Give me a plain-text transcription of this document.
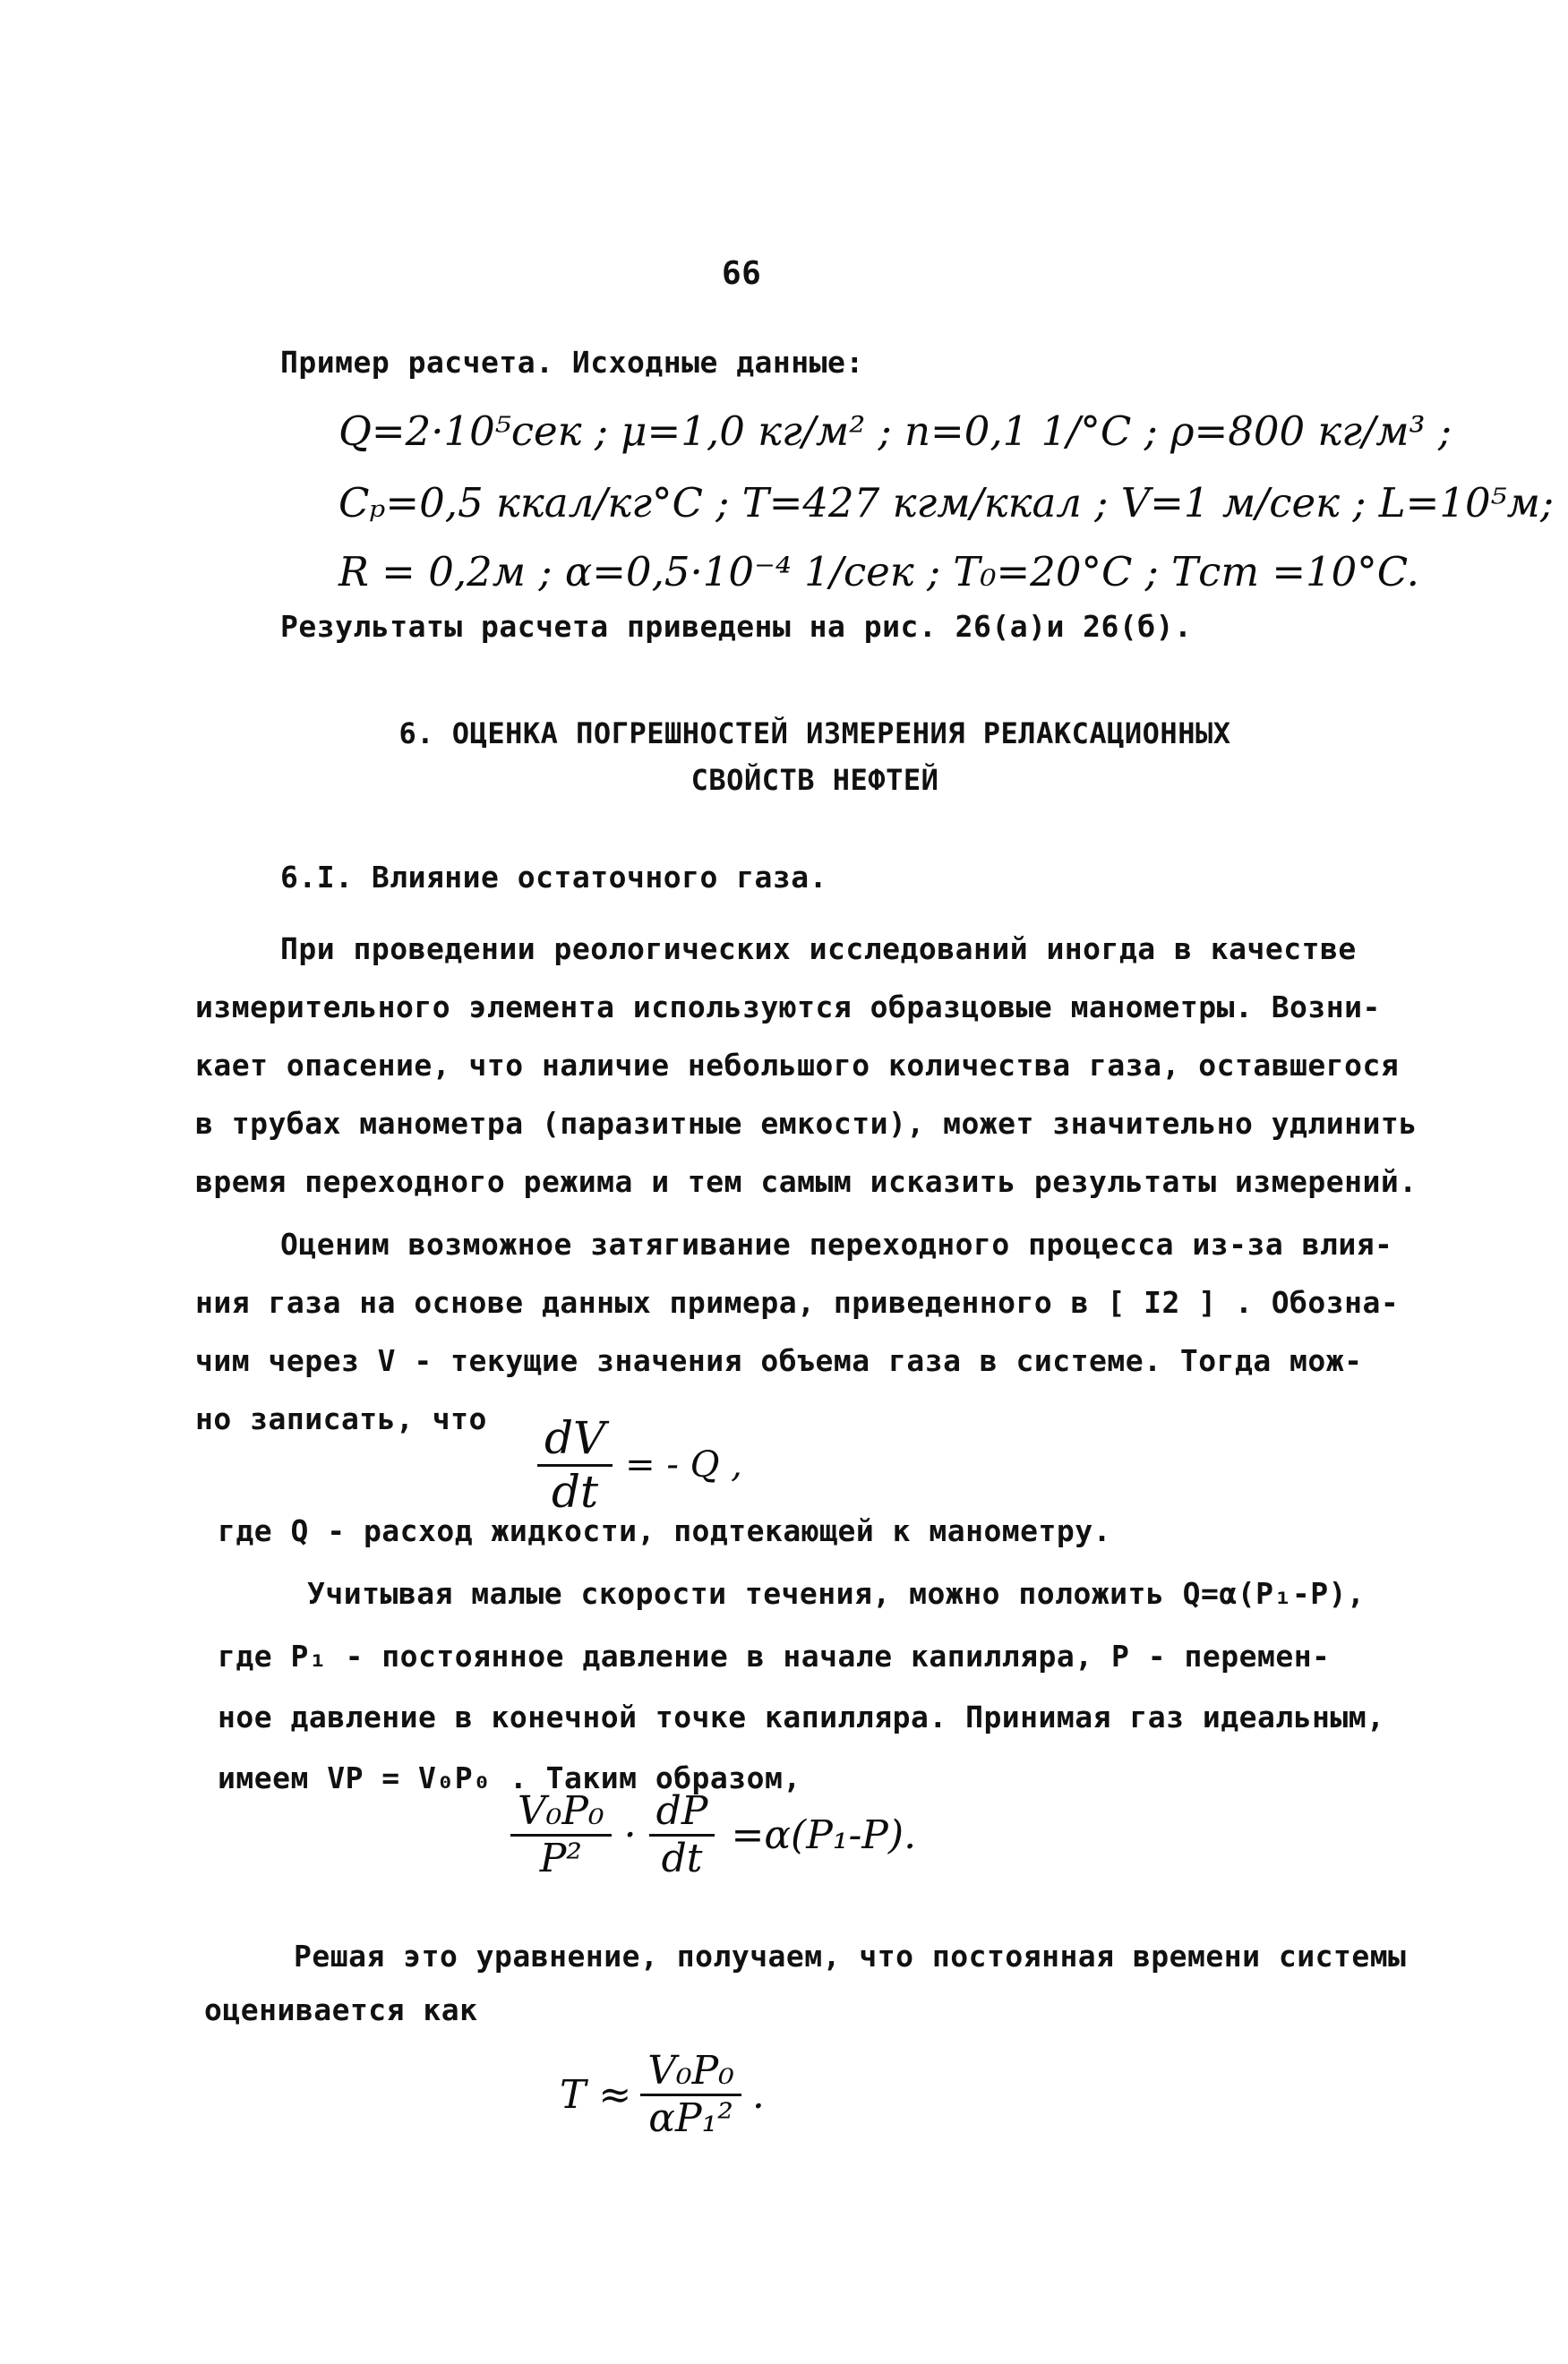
66
Пример расчета. Исходные данные:
Q=2·10⁵сек ; μ=1,0 кг/м² ; n=0,1 1/°C ; ρ=800 кг/м³ ;
Cₚ=0,5 ккал/кг°C ; T=427 кгм/ккал ; V=1 м/сек ; L=10⁵м;
R = 0,2м ; α=0,5·10⁻⁴ 1/сек ; T₀=20°C ; Tст =10°C.
Результаты расчета приведены на рис. 26(а)и 26(б).
6. ОЦЕНКА ПОГРЕШНОСТЕЙ ИЗМЕРЕНИЯ РЕЛАКСАЦИОННЫХ
СВОЙСТВ НЕФТЕЙ
6.I. Влияние остаточного газа.
При проведении реологических исследований иногда в качестве
измерительного элемента используются образцовые манометры. Возни-
кает опасение, что наличие небольшого количества газа, оставшегося
в трубах манометра (паразитные емкости), может значительно удлинить
время переходного режима и тем самым исказить результаты измерений.
Оценим возможное затягивание переходного процесса из-за влия-
ния газа на основе данных примера, приведенного в [ I2 ] . Обозна-
чим через V - текущие значения объема газа в системе. Тогда мож-
но записать, что $\frac{dV}{dt}$ = - Q ,
где Q - расход жидкости, подтекающей к манометру.
Учитывая малые скорости течения, можно положить Q=α(P₁-P),
где P₁ - постоянное давление в начале капилляра, P - перемен-
ное давление в конечной точке капилляра. Принимая газ идеальным,
имеем VP = V₀P₀ . Таким образом,
$\frac{\text{V₀P₀}}{\text{P²}} \cdot \frac{dP}{dt} =\alpha(P_1-P)$.
Решая это уравнение, получаем, что постоянная времени системы
оценивается как
$T \approx \frac{\text{V₀P₀}}{\text{αP₁²}}$ .
